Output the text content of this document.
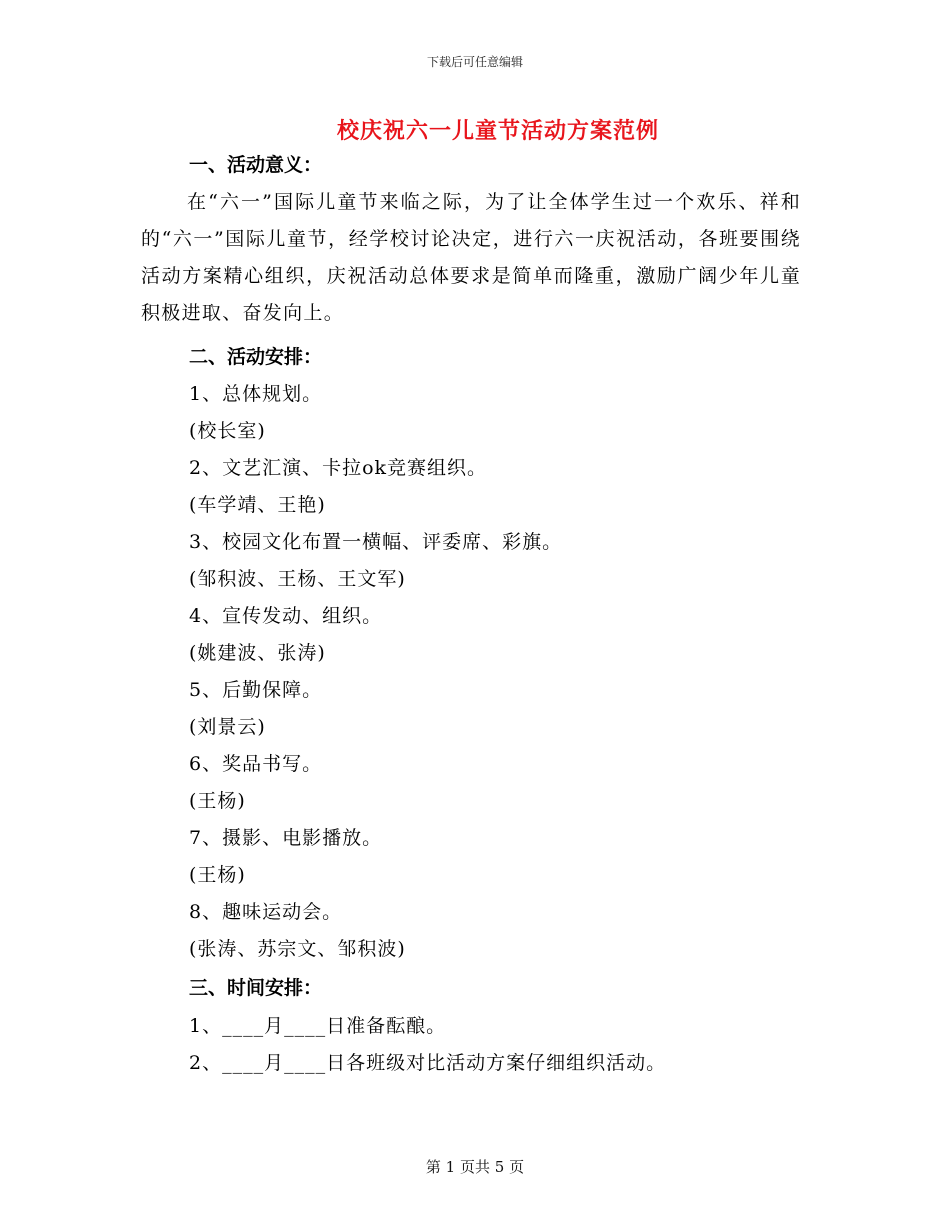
下载后可任意编辑
校庆祝六一儿童节活动方案范例
一、活动意义：
在“六一”国际儿童节来临之际，为了让全体学生过一个欢乐、祥和的“六一”国际儿童节，经学校讨论决定，进行六一庆祝活动，各班要围绕活动方案精心组织，庆祝活动总体要求是简单而隆重，激励广阔少年儿童积极进取、奋发向上。
二、活动安排：
1、总体规划。
(校长室)
2、文艺汇演、卡拉ok竞赛组织。
(车学靖、王艳)
3、校园文化布置一横幅、评委席、彩旗。
(邹积波、王杨、王文军)
4、宣传发动、组织。
(姚建波、张涛)
5、后勤保障。
(刘景云)
6、奖品书写。
(王杨)
7、摄影、电影播放。
(王杨)
8、趣味运动会。
(张涛、苏宗文、邹积波)
三、时间安排：
1、____月____日准备酝酿。
2、____月____日各班级对比活动方案仔细组织活动。
第 1 页共 5 页
